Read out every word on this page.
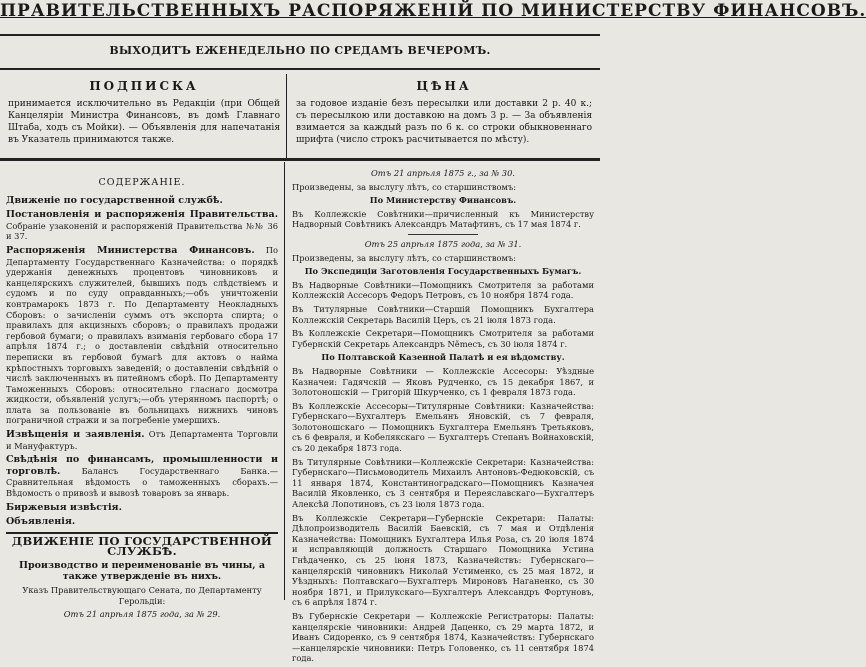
ПРАВИТЕЛЬСТВЕННЫХЪ РАСПОРЯЖЕНІЙ ПО МИНИСТЕРСТВУ ФИНАНСОВЪ.
ВЫХОДИТЪ ЕЖЕНЕДЕЛЬНО ПО СРЕДАМЪ ВЕЧЕРОМЪ.
ПОДПИСКА
принимается исключительно въ Редакціи (при Общей Канцеляріи Министра Финансовъ, въ домѣ Главнаго Штаба, ходъ съ Мойки). — Объявленія для напечатанія въ Указатель принимаются также.
ЦѢНА
за годовое изданіе безъ пересылки или доставки 2 р. 40 к.; съ пересылкою или доставкою на домъ 3 р. — За объявленія взимается за каждый разъ по 6 к. со строки обыкновеннаго шрифта (число строкъ расчитывается по мѣсту).
СОДЕРЖАНІЕ.

Движеніе по государственной службѣ.

Постановленія и распоряженія Правительства. Собраніе узаконеній и распоряженій Правительства №№ 36 и 37.

Распоряженія Министерства Финансовъ. По Департаменту Государственнаго Казначейства: о порядкѣ удержанія денежныхъ процентовъ чиновниковъ и канцелярскихъ служителей, бывшихъ подъ слѣдствіемъ и судомъ и по суду оправданныхъ;—объ уничтоженіи контрамарокъ 1873 г. По Департаменту Неокладныхъ Сборовъ: о зачисленіи суммъ отъ экспорта спирта; о правилахъ для акцизныхъ сборовъ; о правилахъ продажи гербовой бумаги; о правилахъ взиманія гербоваго сбора 17 апрѣля 1874 г.; о доставленіи свѣдѣній относительно переписки въ гербовой бумагѣ для актовъ о найма крѣпостныхъ торговыхъ заведеній; о доставленіи свѣдѣній о числѣ заключенныхъ въ питейномъ сборѣ. По Департаменту Таможенныхъ Сборовъ: относительно гласнаго досмотра жидкости, объявленій услугъ;—объ утерянномъ паспортѣ; о плата за пользованіе въ больницахъ нижнихъ чиновъ пограничной стражи и за погребеніе умершихъ.

Извѣщенія и заявленія. Отъ Департамента Торговли и Мануфактуръ.

Свѣдѣнія по финансамъ, промышленности и торговлѣ.	Балансъ Государственнаго Банка.—Сравнительная вѣдомость о таможенныхъ сборахъ.—Вѣдомость о привозѣ и вывозѣ товаровъ за январь.

Биржевыя извѣстія.

Объявленія.

ДВИЖЕНІЕ ПО ГОСУДАРСТВЕННОЙ СЛУЖБѢ.
Производство и переименованіе въ чины, а также утвержденіе въ нихъ.

Указъ Правительствующаго Сената, по Департаменту Герольдіи:

Отъ 21 апрѣля 1875 года, за № 29.

Отъ 21 апрѣля 1875 г., за № 30.

Произведены, за выслугу лѣтъ, со старшинствомъ:

По Министерству Финансовъ.

Въ Коллежскіе Совѣтники—причисленный къ Министерству Надворный Совѣтникъ Александръ Матафтинъ, съ 17 мая 1874 г.

Отъ 25 апрѣля 1875 года, за № 31.

Произведены, за выслугу лѣтъ, со старшинствомъ:

По Экспедиціи Заготовленія Государственныхъ Бумагъ.

Въ Надворные Совѣтники—Помощникъ Смотрителя за работами Коллежскій Ассесоръ Федоръ Петровъ, съ 10 ноября 1874 года.

Въ Титулярные Совѣтники—Старшій Помощникъ Бухгалтера Коллежскій Секретарь Василій Церъ, съ 21 іюля 1873 года.

Въ Коллежскіе Секретари—Помощникъ Смотрителя за работами Губернскій Секретарь Александръ Němecъ, съ 30 іюля 1874 г.

По Полтавской Казенной Палатѣ и ея вѣдомству.

Въ Надворные Совѣтники — Коллежскіе Ассесоры: Уѣздные Казначеи: Гадячскій — Яковъ Рудченко, съ 15 декабря 1867, и Золотоношскій — Григорій Шкурченко, съ 1 февраля 1873 года.

Въ Коллежскіе Ассесоры—Титулярные Совѣтники: Казначейства: Губернскаго—Бухгалтеръ Емельянъ Яновскій, съ 7 февраля, Золотоношскаго — Помощникъ Бухгалтера Емельянъ Третьяковъ, съ 6 февраля, и Кобелякскаго — Бухгалтеръ Степанъ Войнаховскій, съ 20 декабря 1873 года.

Въ Титулярные Совѣтники—Коллежскіе Секретари: Казначейства: Губернскаго—Письмоводитель Михаилъ Антоновъ-Федюковскій, съ 11 января 1874, Константиноградскаго—Помощникъ Казначея Василій Яковленко, съ 3 сентября и Переяславскаго—Бухгалтеръ Алексѣй Лопотиновъ, съ 23 іюля 1873 года.

Въ Коллежскіе Секретари—Губернскіе Секретари: Палаты: Дѣлопроизводитель Василій Баевскій, съ 7 мая и Отдѣленія Казначейства: Помощникъ Бухгалтера Илья Роза, съ 20 іюля 1874 и исправляющій должность Старшаго Помощника Устина Гнѣдаченко, съ 25 іюня 1873, Казначействъ: Губернскаго—канцелярскій чиновникъ Николай Устименко, съ 25 мая 1872, и Уѣздныхъ: Полтавскаго—Бухгалтеръ Мироновъ Наганенко, съ 30 ноября 1871, и Прилукскаго—Бухгалтеръ Александръ Фортуновъ, съ 6 апрѣля 1874 г.

Въ Губернскіе Секретари — Коллежскіе Регистраторы: Палаты: канцелярскіе чиновники: Андрей Даценко, съ 29 марта 1872, и Иванъ Сидоренко, съ 9 сентября 1874, Казначействъ: Губернскаго—канцелярскіе чиновники: Петръ Головенко, съ 11 сентября 1874 года.
